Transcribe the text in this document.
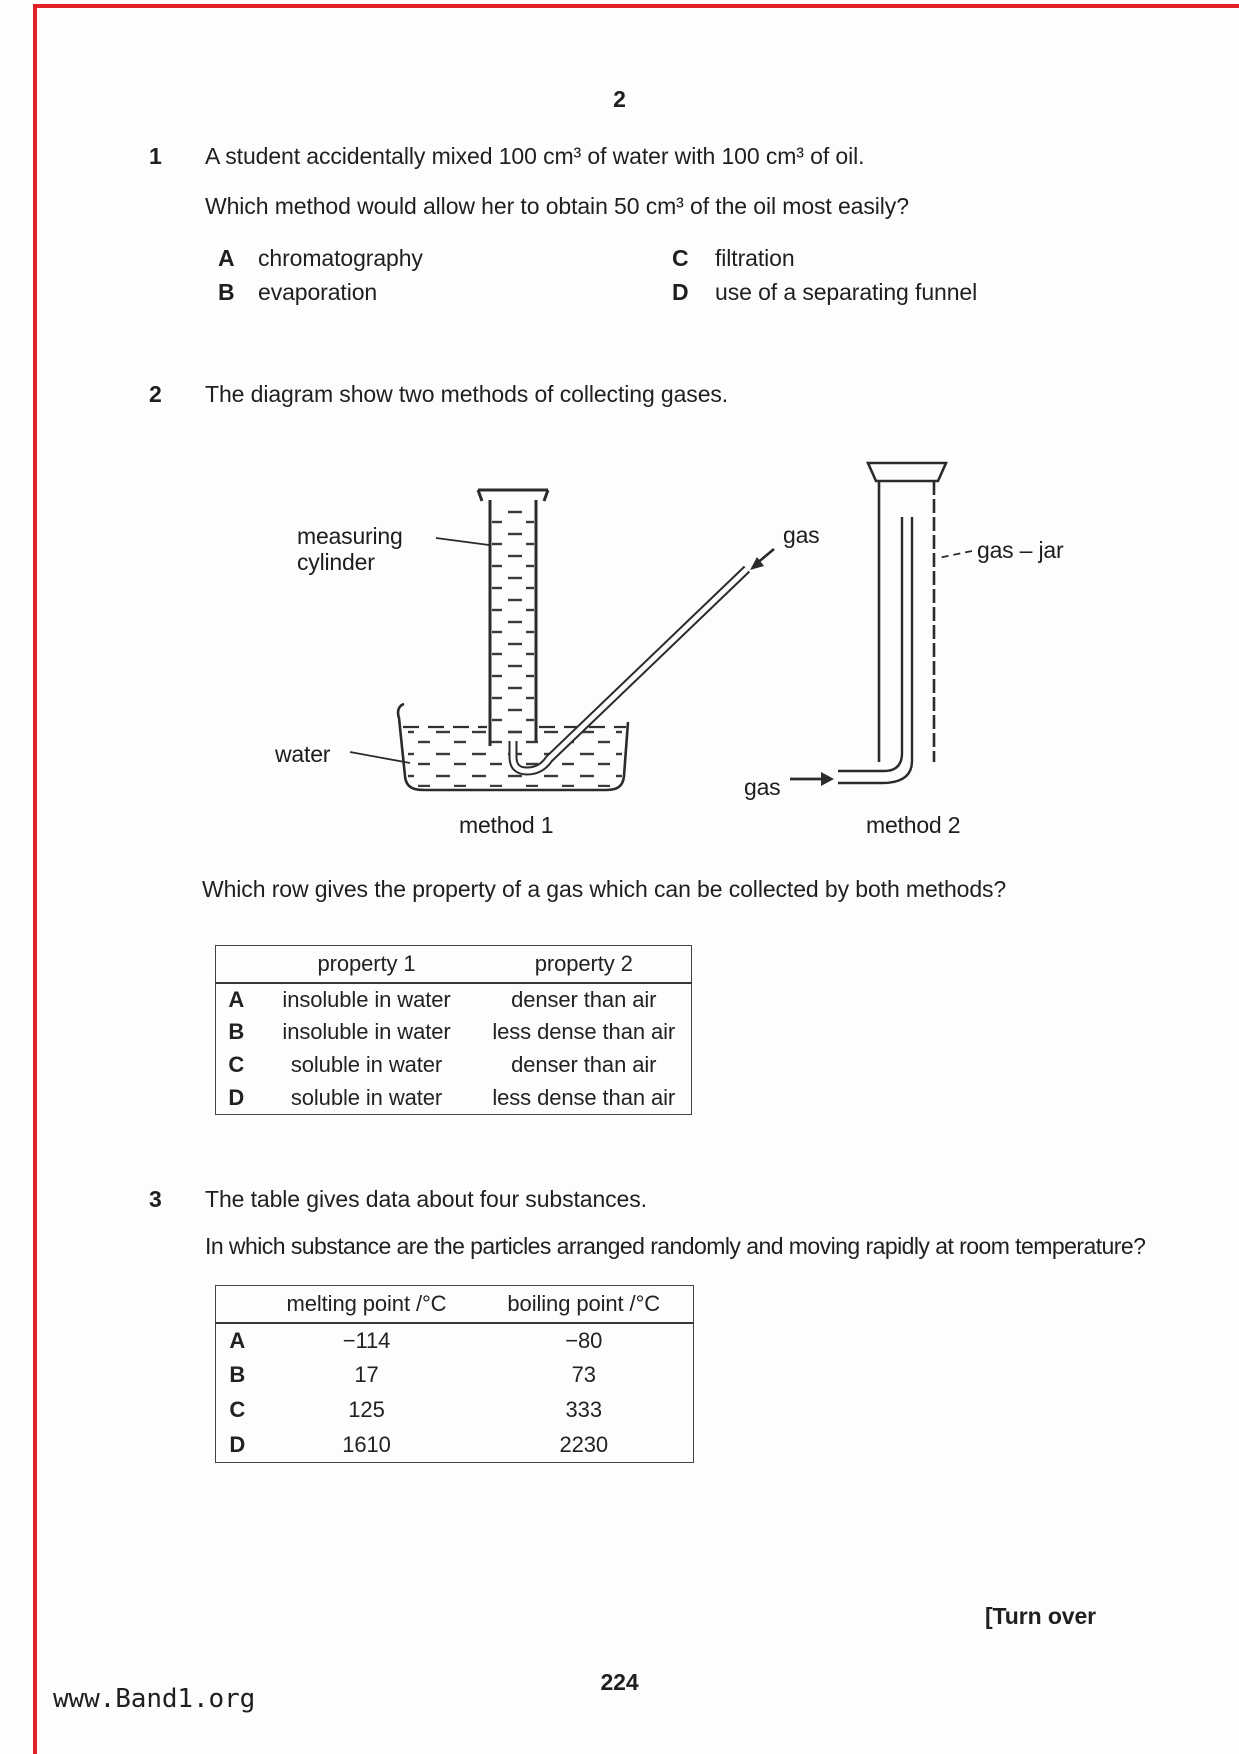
2
1 A student accidentally mixed 100 cm³ of water with 100 cm³ of oil.
Which method would allow her to obtain 50 cm³ of the oil most easily?
A chromatography
B evaporation
C filtration
D use of a separating funnel
2 The diagram show two methods of collecting gases.
measuring
cylinder
water
gas
gas
gas – jar
method 1	method 2
Which row gives the property of a gas which can be collected by both methods?
	property 1	property 2
A	insoluble in water	denser than air
B	insoluble in water	less dense than air
C	soluble in water	denser than air
D	soluble in water	less dense than air
3 The table gives data about four substances.
In which substance are the particles arranged randomly and moving rapidly at room temperature?
	melting point /°C	boiling point /°C
A	−114	−80
B	17	73
C	125	333
D	1610	2230
[Turn over
224
www.Band1.org
